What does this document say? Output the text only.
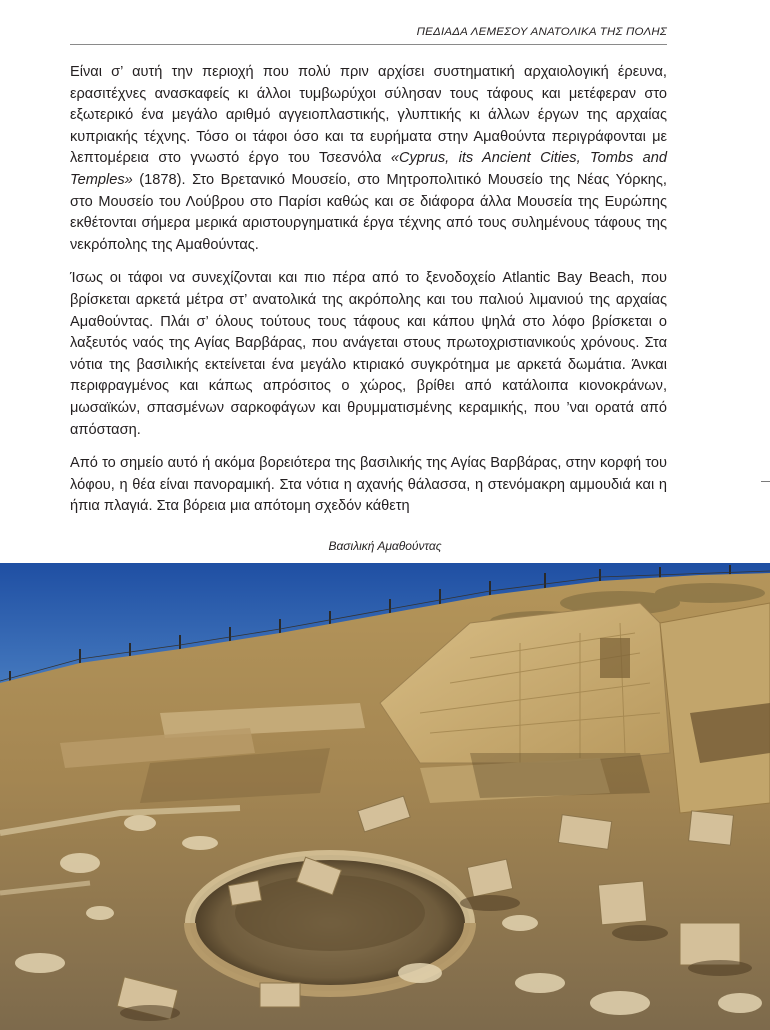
ΠΕΔΙΑΔΑ ΛΕΜΕΣΟΥ ΑΝΑΤΟΛΙΚΑ ΤΗΣ ΠΟΛΗΣ

Είναι σ’ αυτή την περιοχή που πολύ πριν αρχίσει συστηματική αρχαιολογική έρευνα, ερασιτέχνες ανασκαφείς κι άλλοι τυμβωρύχοι σύλησαν τους τάφους και μετέφεραν στο εξωτερικό ένα μεγάλο αριθμό αγγειοπλαστικής, γλυπτικής κι άλλων έργων της αρχαίας κυπριακής τέχνης. Τόσο οι τάφοι όσο και τα ευρήματα στην Αμαθούντα περιγράφονται με λεπτομέρεια στο γνωστό έργο του Τσεσνόλα «Cyprus, its Ancient Cities, Tombs and Temples» (1878). Στο Βρετανικό Μουσείο, στο Μητροπολιτικό Μουσείο της Νέας Υόρκης, στο Μουσείο του Λούβρου στο Παρίσι καθώς και σε διάφορα άλλα Μουσεία της Ευρώπης εκθέτονται σήμερα μερικά αριστουργηματικά έργα τέχνης από τους συλημένους τάφους της νεκρόπολης της Αμαθούντας.

Ίσως οι τάφοι να συνεχίζονται και πιο πέρα από το ξενοδοχείο Atlantic Bay Beach, που βρίσκεται αρκετά μέτρα στ’ ανατολικά της ακρόπολης και του παλιού λιμανιού της αρχαίας Αμαθούντας. Πλάι σ’ όλους τούτους τους τάφους και κάπου ψηλά στο λόφο βρίσκεται ο λαξευτός ναός της Αγίας Βαρβάρας, που ανάγεται στους πρωτοχριστιανικούς χρόνους. Στα νότια της βασιλικής εκτείνεται ένα μεγάλο κτιριακό συγκρότημα με αρκετά δωμάτια. Άνκαι περιφραγμένος και κάπως απρόσιτος ο χώρος, βρίθει από κατάλοιπα κιονοκράνων, μωσαϊκών, σπασμένων σαρκοφάγων και θρυμματισμένης κεραμικής, που ’ναι ορατά από απόσταση.

Από το σημείο αυτό ή ακόμα βορειότερα της βασιλικής της Αγίας Βαρβάρας, στην κορφή του λόφου, η θέα είναι πανοραμική. Στα νότια η αχανής θάλασσα, η στενόμακρη αμμουδιά και η ήπια πλαγιά. Στα βόρεια μια απότομη σχεδόν κάθετη

Βασιλική Αμαθούντας
